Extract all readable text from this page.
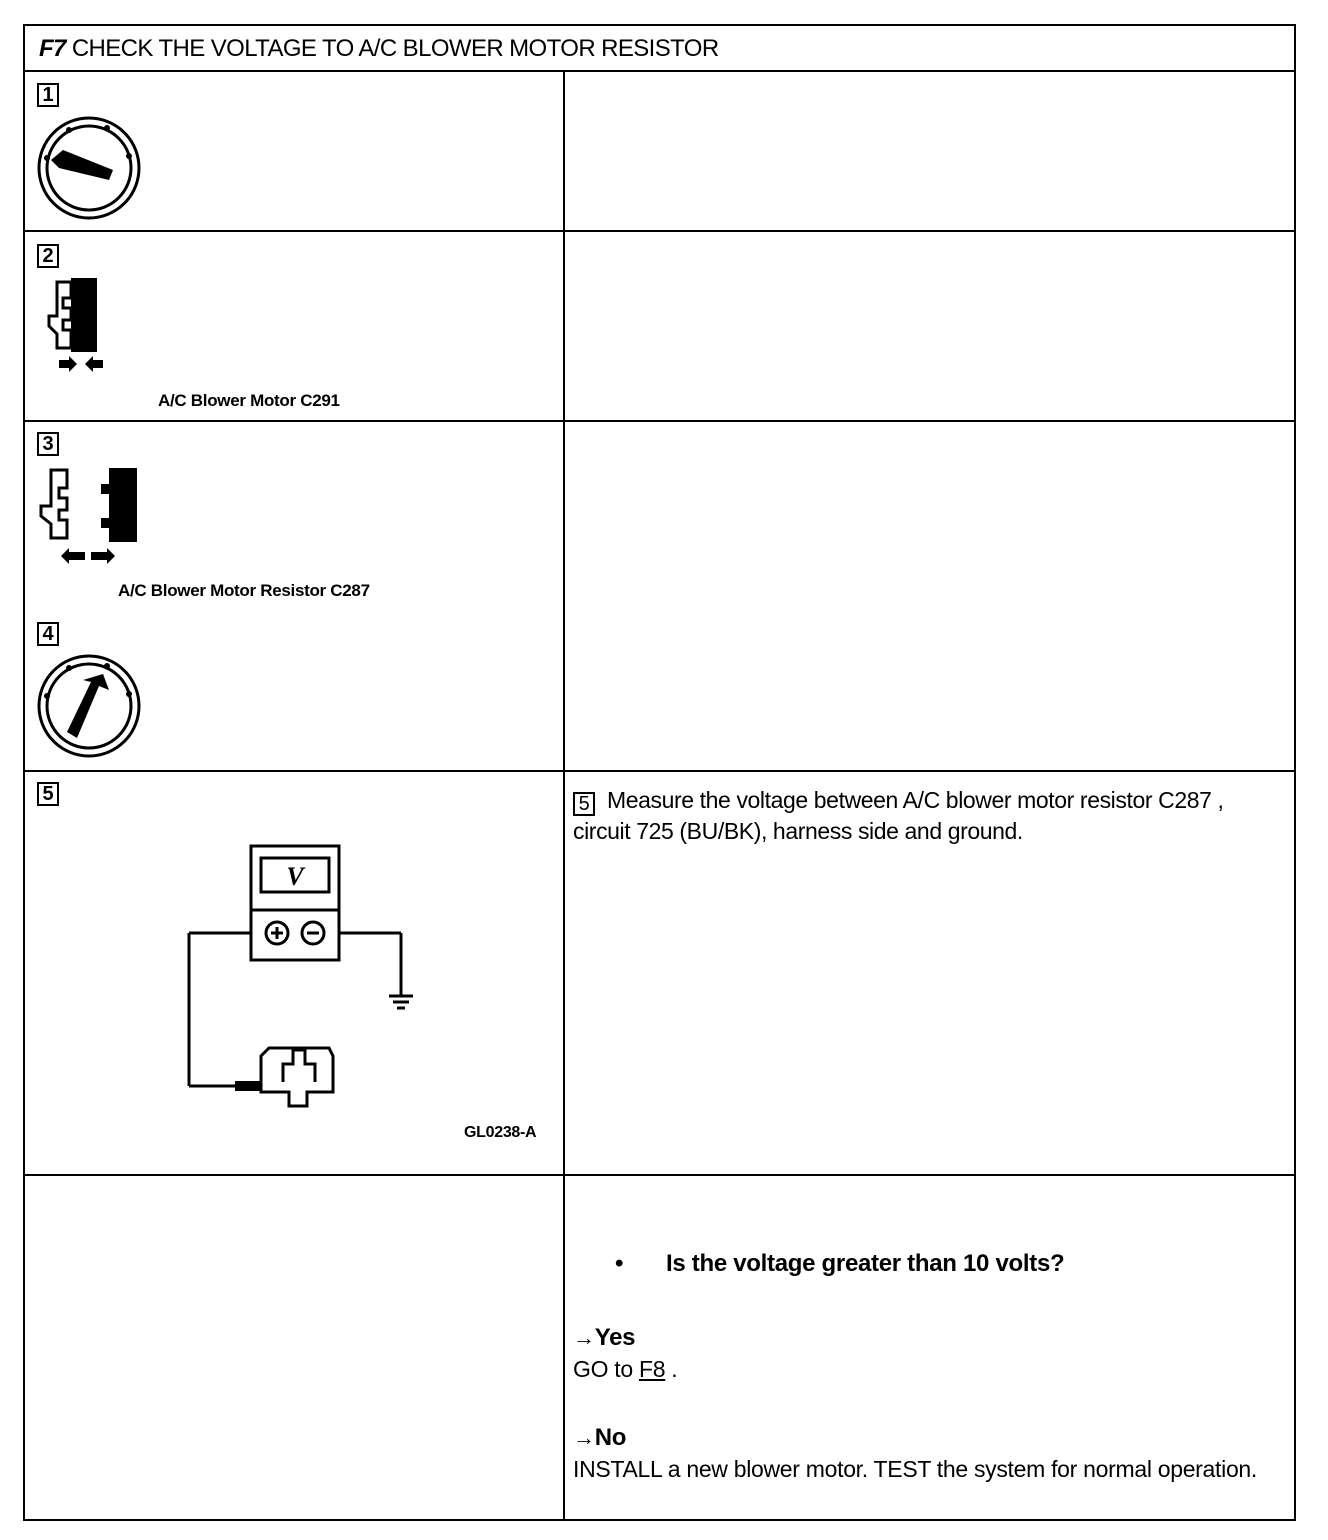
F7 CHECK THE VOLTAGE TO A/C BLOWER MOTOR RESISTOR
1
2
A/C Blower Motor C291
3
A/C Blower Motor Resistor C287
4
5
V
GL0238-A
5 Measure the voltage between A/C blower motor resistor C287 , circuit 725 (BU/BK), harness side and ground.
• Is the voltage greater than 10 volts?
→Yes
GO to F8 .
→No
INSTALL a new blower motor. TEST the system for normal operation.
